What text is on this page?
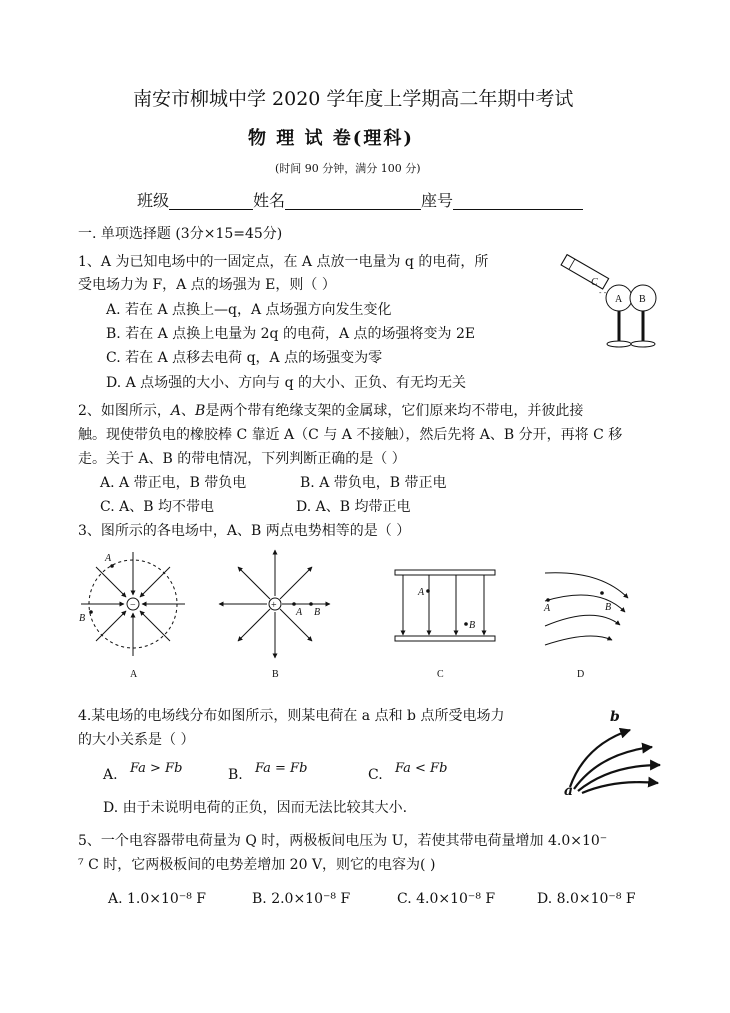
南安市柳城中学 2020 学年度上学期高二年期中考试
物 理 试 卷(理科)
(时间 90 分钟，满分 100 分)
班级	姓名	座号
一. 单项选择题 (3分×15=45分)
1、A 为已知电场中的一固定点，在 A 点放一电量为 q 的电荷，所
受电场力为 F，A 点的场强为 E，则（ ）
A. 若在 A 点换上—q，A 点场强方向发生变化
B. 若在 A 点换上电量为 2q 的电荷，A 点的场强将变为 2E
C. 若在 A 点移去电荷 q，A 点的场强变为零
D. A 点场强的大小、方向与 q 的大小、正负、有无均无关
C
- -
A B
2、如图所示，A、B是两个带有绝缘支架的金属球，它们原来均不带电，并彼此接
触。现使带负电的橡胶棒 C 靠近 A（C 与 A 不接触），然后先将 A、B 分开，再将 C 移
走。关于 A、B 的带电情况，下列判断正确的是（ ）
A. A 带正电，B 带负电	B. A 带负电，B 带正电
C. A、B 均不带电	D. A、B 均带正电
3、图所示的各电场中，A、B 两点电势相等的是（ ）
−
A
B
+
A B
A
B
A	B
A	B	C	D
4.某电场的电场线分布如图所示，则某电荷在 a 点和 b 点所受电场力
的大小关系是（ ）
A. Fa > Fb	B. Fa = Fb	C. Fa < Fb
D. 由于未说明电荷的正负，因而无法比较其大小.
b
a
5、一个电容器带电荷量为 Q 时，两极板间电压为 U，若使其带电荷量增加 4.0×10⁻
⁷ C 时，它两极板间的电势差增加 20 V，则它的电容为( )
A. 1.0×10⁻⁸ F	B. 2.0×10⁻⁸ F	C. 4.0×10⁻⁸ F	D. 8.0×10⁻⁸ F
